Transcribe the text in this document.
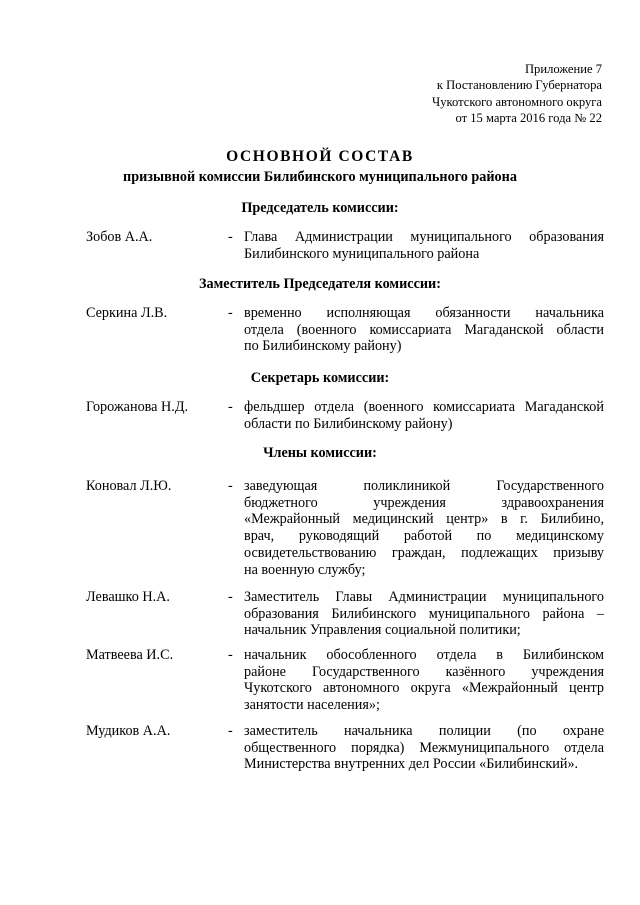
Приложение 7
к Постановлению Губернатора
Чукотского автономного округа
от 15 марта 2016 года № 22
ОСНОВНОЙ СОСТАВ
призывной комиссии Билибинского муниципального района
Председатель комиссии:
Зобов А.А.	- Глава Администрации муниципального образования
Билибинского муниципального района
Заместитель Председателя комиссии:
Серкина Л.В.	- временно исполняющая обязанности начальника
отдела (военного комиссариата Магаданской области
по Билибинскому району)
Секретарь комиссии:
Горожанова Н.Д.	- фельдшер отдела (военного комиссариата Магаданской
области по Билибинскому району)
Члены комиссии:
Коновал Л.Ю.	- заведующая поликлиникой Государственного
бюджетного учреждения здравоохранения
«Межрайонный медицинский центр» в г. Билибино,
врач, руководящий работой по медицинскому
освидетельствованию граждан, подлежащих призыву
на военную службу;
Левашко Н.А.	- Заместитель Главы Администрации муниципального
образования Билибинского муниципального района –
начальник Управления социальной политики;
Матвеева И.С.	- начальник обособленного отдела в Билибинском
районе Государственного казённого учреждения
Чукотского автономного округа «Межрайонный центр
занятости населения»;
Мудиков А.А.	- заместитель начальника полиции (по охране
общественного порядка) Межмуниципального отдела
Министерства внутренних дел России «Билибинский».
